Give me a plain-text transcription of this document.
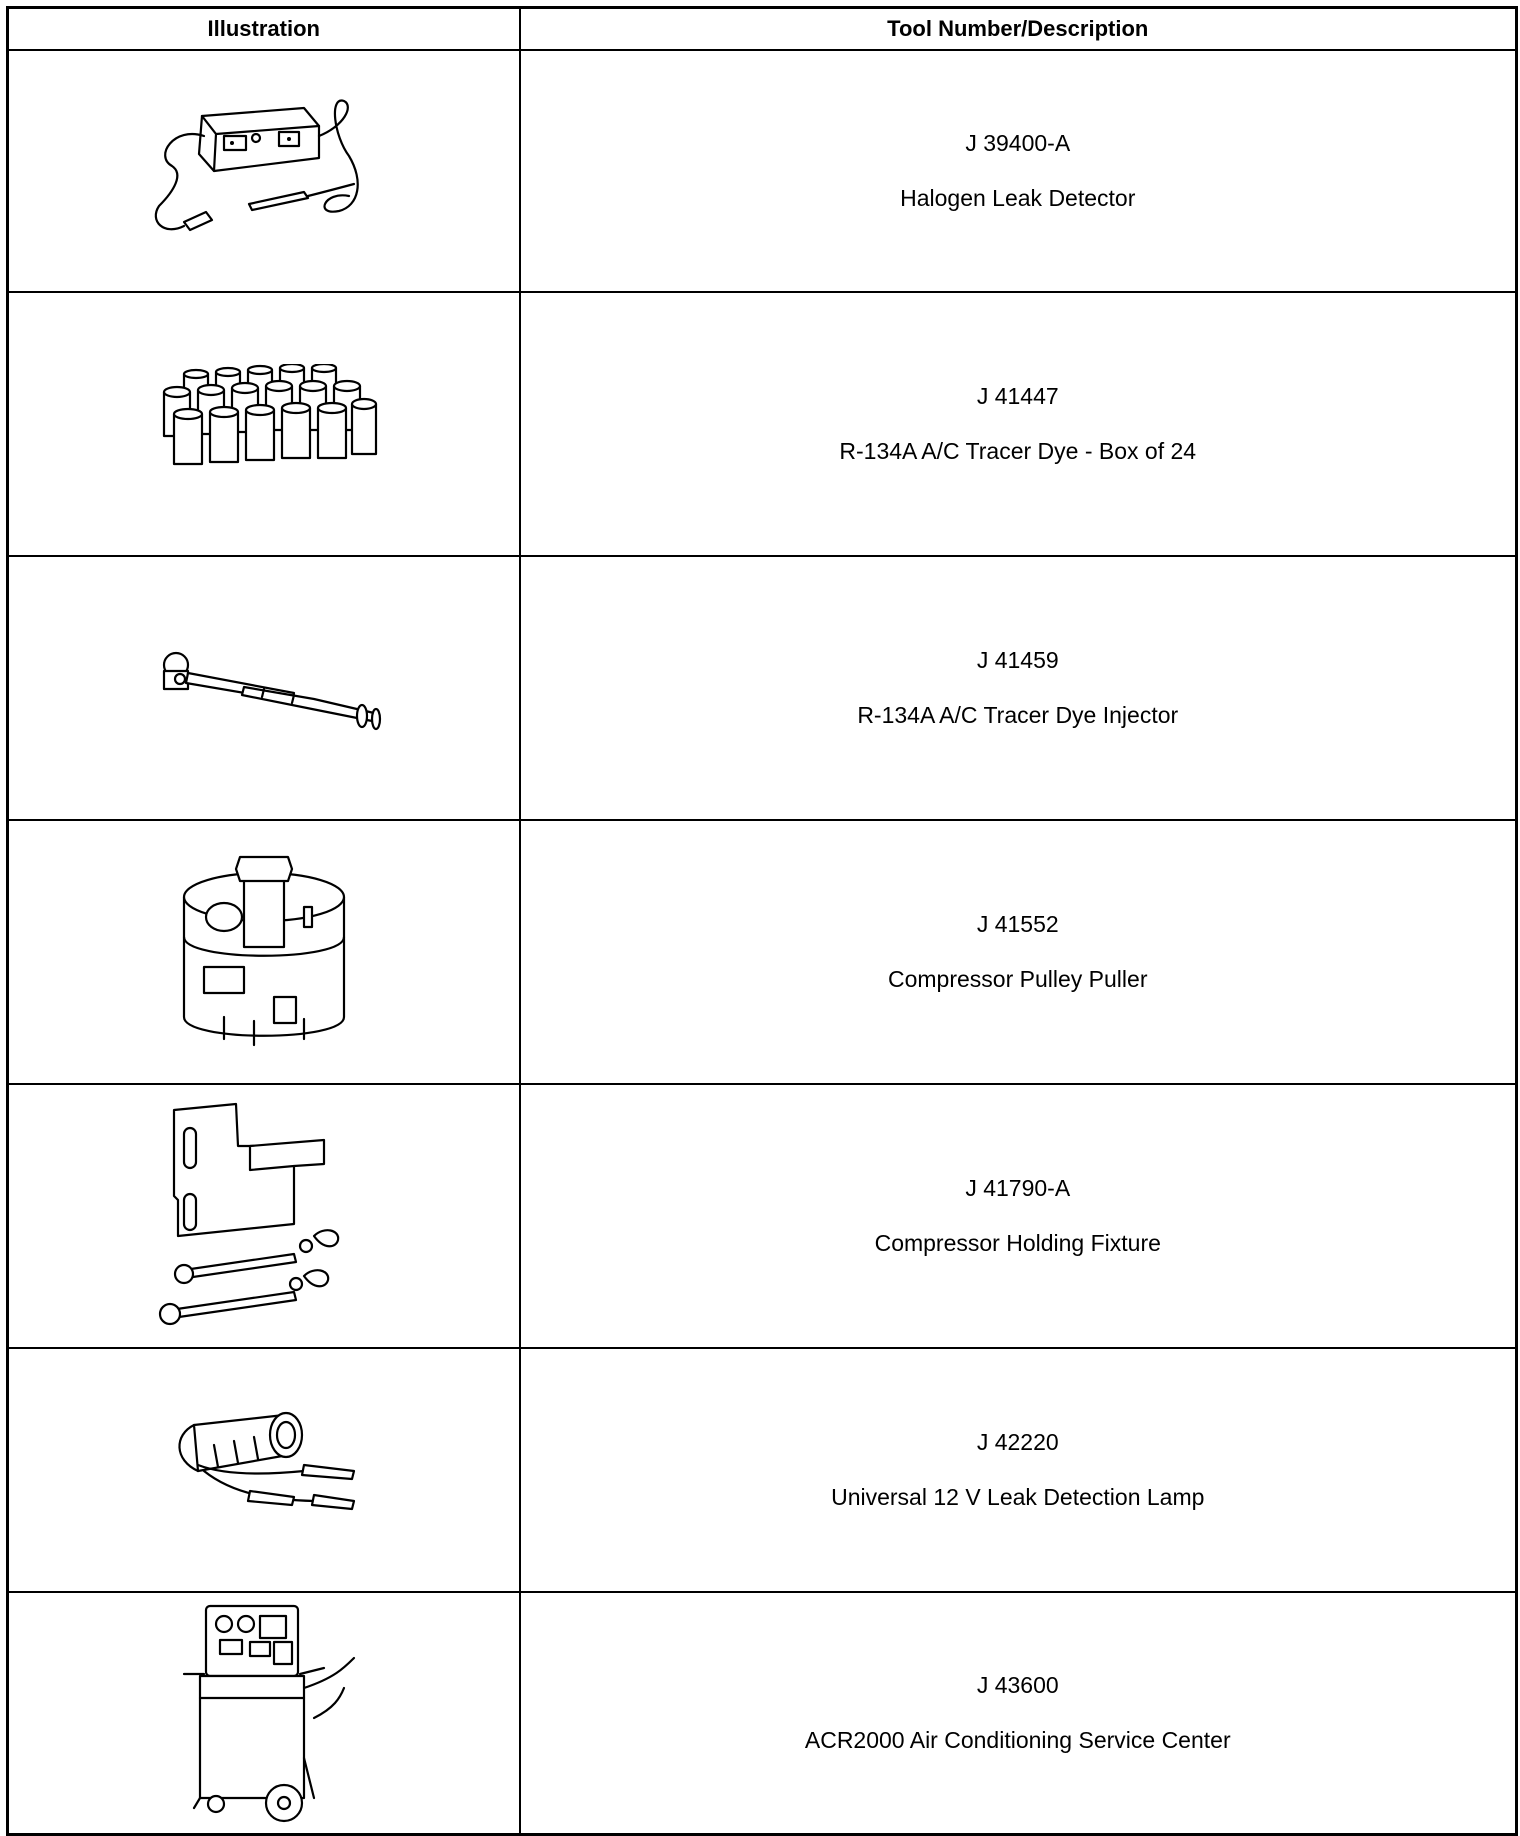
Illustration	Tool Number/Description

J 39400-A
Halogen Leak Detector

J 41447
R-134A A/C Tracer Dye - Box of 24

J 41459
R-134A A/C Tracer Dye Injector

J 41552
Compressor Pulley Puller

J 41790-A
Compressor Holding Fixture

J 42220
Universal 12 V Leak Detection Lamp

J 43600
ACR2000 Air Conditioning Service Center
